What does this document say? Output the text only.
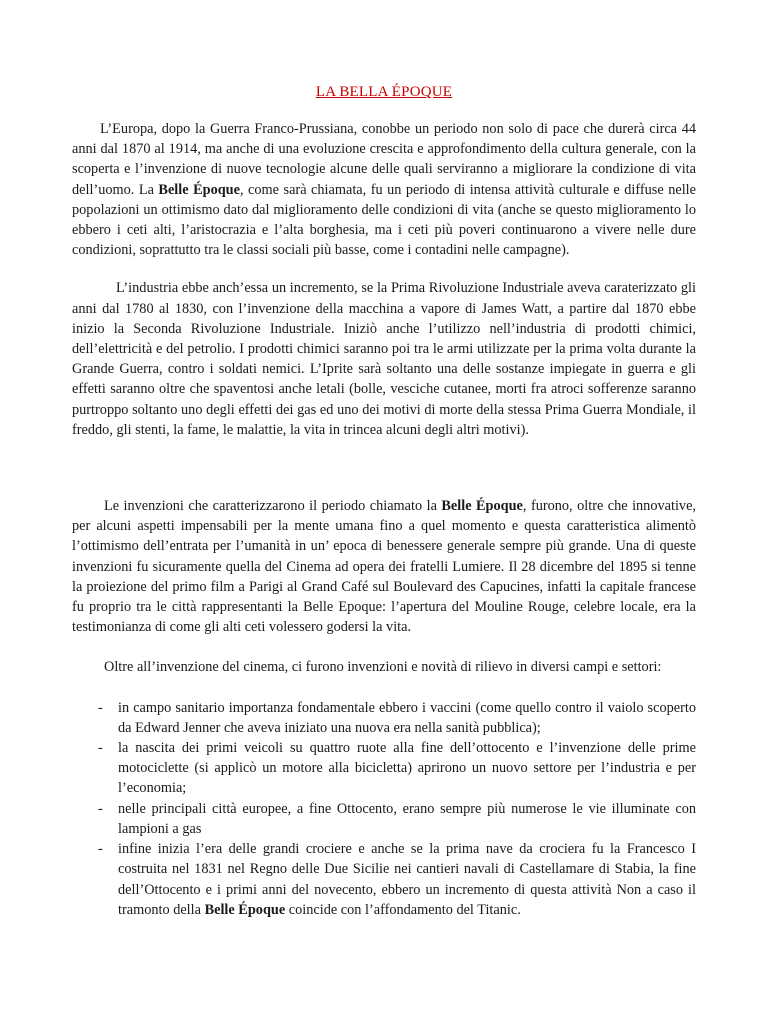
LA BELLA ÉPOQUE

L’Europa, dopo la Guerra Franco-Prussiana, conobbe un periodo non solo di pace che durerà circa 44 anni dal 1870 al 1914, ma anche di una evoluzione crescita e approfondimento della cultura generale, con la scoperta e l’invenzione di nuove tecnologie alcune delle quali serviranno a migliorare la condizione di vita dell’uomo. La Belle Époque, come sarà chiamata, fu un periodo di intensa attività culturale e diffuse nelle popolazioni un ottimismo dato dal miglioramento delle condizioni di vita (anche se questo miglioramento lo ebbero i ceti alti, l’aristocrazia e l’alta borghesia, ma i ceti più poveri continuarono a vivere nelle dure condizioni, soprattutto tra le classi sociali più basse, come i contadini nelle campagne).

L’industria ebbe anch’essa un incremento, se la Prima Rivoluzione Industriale aveva caraterizzato gli anni dal 1780 al 1830, con l’invenzione della macchina a vapore di James Watt, a partire dal 1870 ebbe inizio la Seconda Rivoluzione Industriale. Iniziò anche l’utilizzo nell’industria di prodotti chimici, dell’elettricità e del petrolio. I prodotti chimici saranno poi tra le armi utilizzate per la prima volta durante la Grande Guerra, contro i soldati nemici. L’Iprite sarà soltanto una delle sostanze impiegate in guerra e gli effetti saranno oltre che spaventosi anche letali (bolle, vesciche cutanee, morti fra atroci sofferenze saranno purtroppo soltanto uno degli effetti dei gas ed uno dei motivi di morte della stessa Prima Guerra Mondiale, il freddo, gli stenti, la fame, le malattie, la vita in trincea alcuni degli altri motivi).

Le invenzioni che caratterizzarono il periodo chiamato la Belle Époque, furono, oltre che innovative, per alcuni aspetti impensabili per la mente umana fino a quel momento e questa caratteristica alimentò l’ottimismo dell’entrata per l’umanità in un’ epoca di benessere generale sempre più grande. Una di queste invenzioni fu sicuramente quella del Cinema ad opera dei fratelli Lumiere. Il 28 dicembre del 1895 si tenne la proiezione del primo film a Parigi al Grand Café sul Boulevard des Capucines, infatti la capitale francese fu proprio tra le città rappresentanti la Belle Epoque: l’apertura del Mouline Rouge, celebre locale, era la testimonianza di come gli alti ceti volessero godersi la vita.

Oltre all’invenzione del cinema, ci furono invenzioni e novità di rilievo in diversi campi e settori:

- in campo sanitario importanza fondamentale ebbero i vaccini (come quello contro il vaiolo scoperto da Edward Jenner che aveva iniziato una nuova era nella sanità pubblica);
- la nascita dei primi veicoli su quattro ruote alla fine dell’ottocento e l’invenzione delle prime motociclette (si applicò un motore alla bicicletta) aprirono un nuovo settore per l’industria e per l’economia;
- nelle principali città europee, a fine Ottocento, erano sempre più numerose le vie illuminate con lampioni a gas
- infine inizia l’era delle grandi crociere e anche se la prima nave da crociera fu la Francesco I costruita nel 1831 nel Regno delle Due Sicilie nei cantieri navali di Castellamare di Stabia, la fine dell’Ottocento e i primi anni del novecento, ebbero un incremento di questa attività Non a caso il tramonto della Belle Époque coincide con l’affondamento del Titanic.
